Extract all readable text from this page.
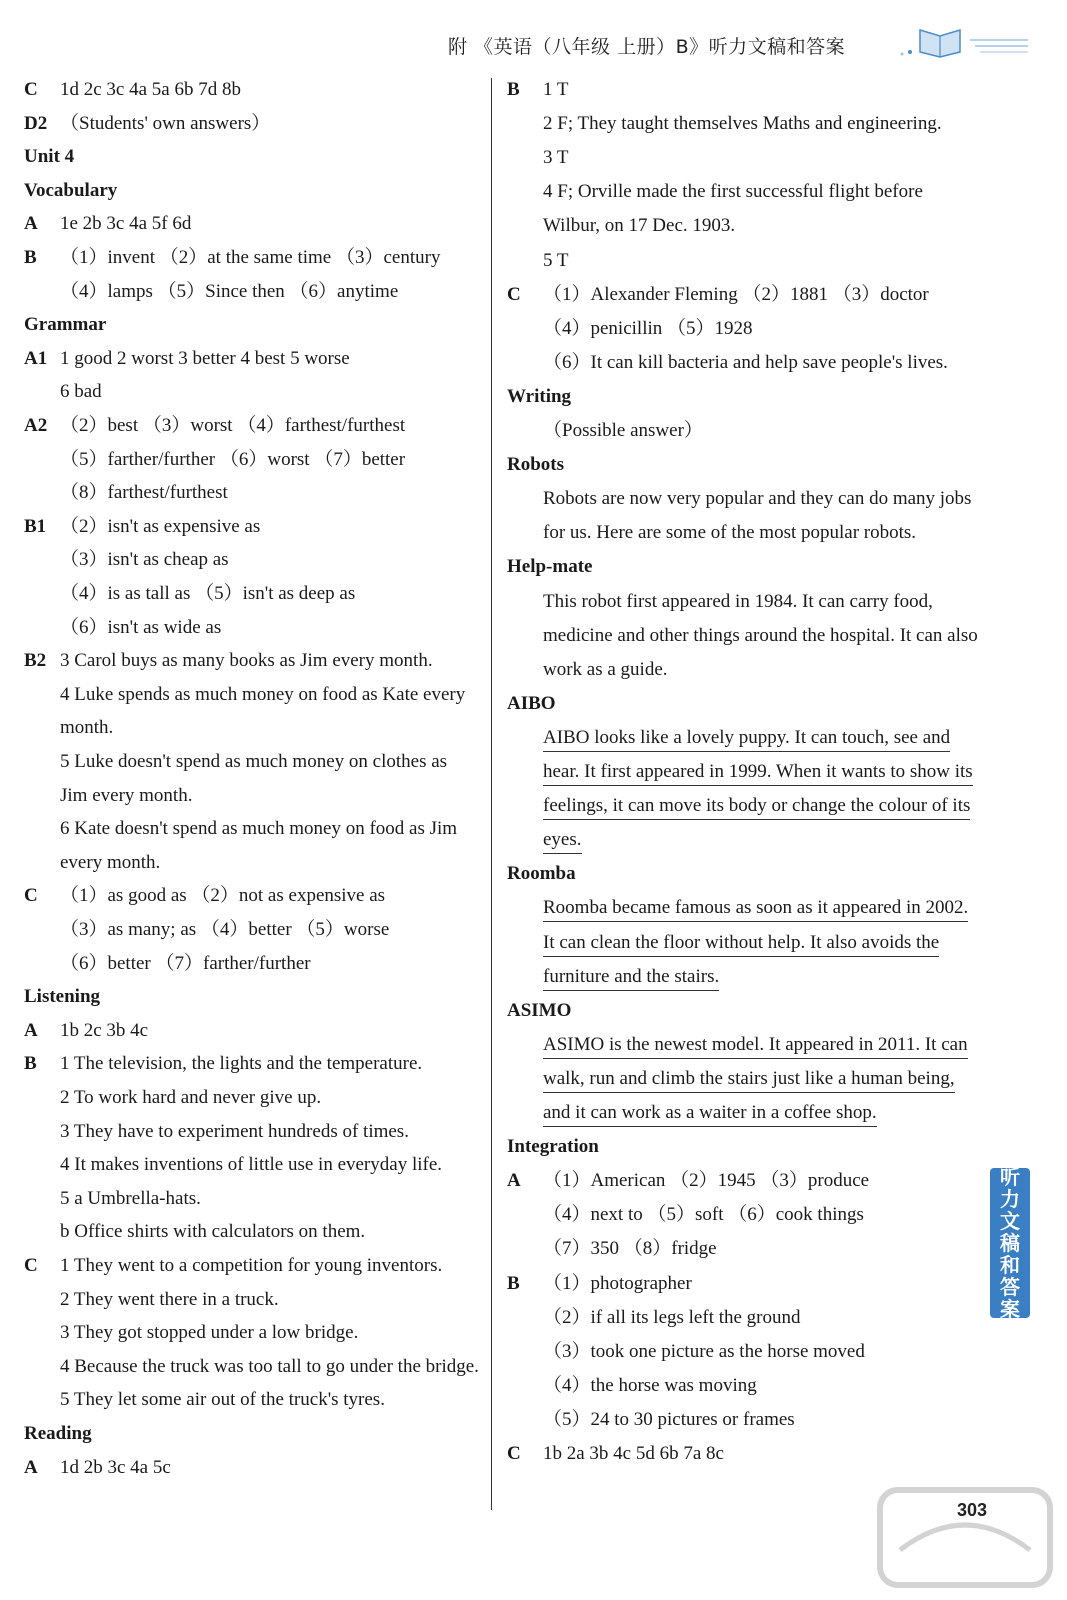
附 《英语（八年级 上册）B》听力文稿和答案
C 1d 2c 3c 4a 5a 6b 7d 8b
D2 （Students' own answers）
Unit 4
Vocabulary
A 1e 2b 3c 4a 5f 6d
B （1）invent （2）at the same time （3）century
（4）lamps （5）Since then （6）anytime
Grammar
A1 1 good 2 worst 3 better 4 best 5 worse
6 bad
A2 （2）best （3）worst （4）farthest/furthest
（5）farther/further （6）worst （7）better
（8）farthest/furthest
B1 （2）isn't as expensive as
（3）isn't as cheap as
（4）is as tall as （5）isn't as deep as
（6）isn't as wide as
B2 3 Carol buys as many books as Jim every month.
4 Luke spends as much money on food as Kate every
month.
5 Luke doesn't spend as much money on clothes as
Jim every month.
6 Kate doesn't spend as much money on food as Jim
every month.
C （1）as good as （2）not as expensive as
（3）as many; as （4）better （5）worse
（6）better （7）farther/further
Listening
A 1b 2c 3b 4c
B 1 The television, the lights and the temperature.
2 To work hard and never give up.
3 They have to experiment hundreds of times.
4 It makes inventions of little use in everyday life.
5 a Umbrella-hats.
b Office shirts with calculators on them.
C 1 They went to a competition for young inventors.
2 They went there in a truck.
3 They got stopped under a low bridge.
4 Because the truck was too tall to go under the bridge.
5 They let some air out of the truck's tyres.
Reading
A 1d 2b 3c 4a 5c
B 1 T
2 F; They taught themselves Maths and engineering.
3 T
4 F; Orville made the first successful flight before
Wilbur, on 17 Dec. 1903.
5 T
C （1）Alexander Fleming （2）1881 （3）doctor
（4）penicillin （5）1928
（6）It can kill bacteria and help save people's lives.
Writing
（Possible answer）
Robots
Robots are now very popular and they can do many jobs
for us. Here are some of the most popular robots.
Help-mate
This robot first appeared in 1984. It can carry food,
medicine and other things around the hospital. It can also
work as a guide.
AIBO
AIBO looks like a lovely puppy. It can touch, see and
hear. It first appeared in 1999. When it wants to show its
feelings, it can move its body or change the colour of its
eyes.
Roomba
Roomba became famous as soon as it appeared in 2002.
It can clean the floor without help. It also avoids the
furniture and the stairs.
ASIMO
ASIMO is the newest model. It appeared in 2011. It can
walk, run and climb the stairs just like a human being,
and it can work as a waiter in a coffee shop.
Integration
A （1）American （2）1945 （3）produce
（4）next to （5）soft （6）cook things
（7）350 （8）fridge
B （1）photographer
（2）if all its legs left the ground
（3）took one picture as the horse moved
（4）the horse was moving
（5）24 to 30 pictures or frames
C 1b 2a 3b 4c 5d 6b 7a 8c
听
力
文
稿
和
答
案
303
